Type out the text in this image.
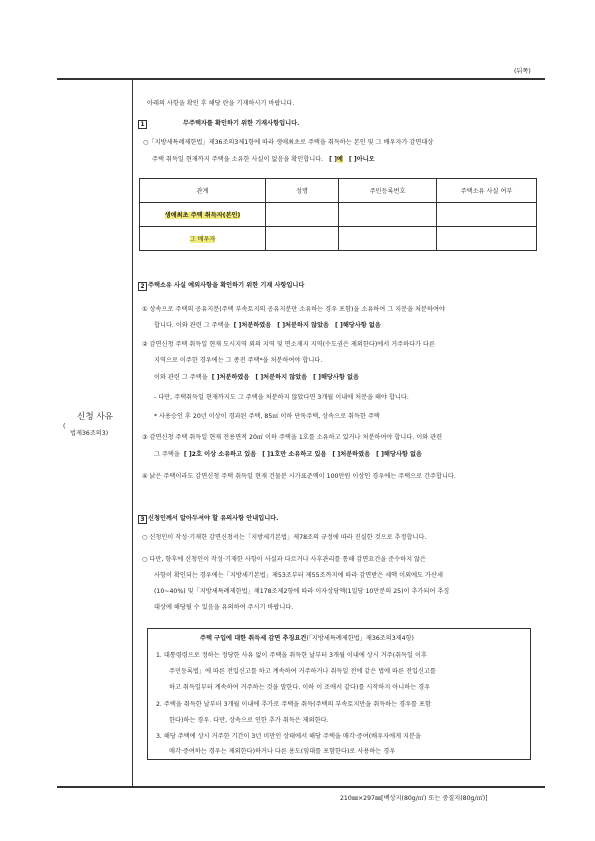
(뒤쪽)
신청 사유
(
법제36조의3)
아래의 사항을 확인 후 해당 란을 기재하시기 바랍니다.
1	무주택자를 확인하기 위한 기재사항입니다.
○「지방세특례제한법」제36조의3제1항에 따라 생애최초로 주택을 취득하는 본인 및 그 배우자가 감면대상
주택 취득일 현재까지 주택을 소유한 사실이 없음을 확인합니다. [ ]예 [ ]아니오
관계	성명	주민등록번호	주택소유 사실 여부
생애최초 주택 취득자(본인)			
그 배우자			
2 주택소유 사실 예외사항을 확인하기 위한 기재 사항입니다
① 상속으로 주택의 공유지분(주택 부속토지의 공유지분만 소유하는 경우 포함)을 소유하여 그 지분을 처분하여야
합니다. 이와 관련 그 주택을 [ ]처분하였음 [ ]처분하지 않았음 [ ]해당사항 없음
② 감면신청 주택 취득일 현재 도시지역 외의 지역 및 면소재지 지역(수도권은 제외한다)에서 거주하다가 다른
지역으로 이주한 경우에는 그 종전 주택*을 처분하여야 합니다.
이와 관련 그 주택을 [ ]처분하였음 [ ]처분하지 않았음 [ ]해당사항 없음
- 다만, 주택취득일 현재까지도 그 주택을 처분하지 않았다면 3개월 이내에 처분을 해야 합니다.
* 사용승인 후 20년 이상이 경과된 주택, 85㎡ 이하 단독주택, 상속으로 취득한 주택
③ 감면신청 주택 취득일 현재 전용면적 20㎡ 이하 주택을 1호를 소유하고 있거나 처분하여야 합니다. 이와 관련
그 주택을 [ ]2호 이상 소유하고 있음 [ ]1호만 소유하고 있음 [ ]처분하였음 [ ]해당사항 없음
④ 낡은 주택이라도 감면신청 주택 취득일 현재 건물분 시가표준액이 100만원 이상인 경우에는 주택으로 간주합니다.
3 신청인께서 알아두셔야 할 유의사항 안내입니다.
○ 신청인이 작성·기재한 감면신청서는「지방세기본법」제78조의 규정에 따라 진실한 것으로 추정합니다.
○ 다만, 향후에 신청인이 작성·기재한 사항이 사실과 다르거나 사후관리를 통해 감면요건을 준수하지 않은
사항이 확인되는 경우에는「지방세기본법」제53조부터 제55조까지에 따라 감면받은 세액 이외에도 가산세
(10~40%) 및「지방세특례제한법」제178조제2항에 따라 이자상당액(1일당 10만분의 25)이 추가되어 추징
대상에 해당될 수 있음을 유의하여 주시기 바랍니다.
주택 구입에 대한 취득세 감면 추징요건(「지방세특례제한법」제36조의3제4항)
1. 대통령령으로 정하는 정당한 사유 없이 주택을 취득한 날부터 3개월 이내에 상시 거주(취득일 이후
주민등록법」에 따른 전입신고를 하고 계속하여 거주하거나 취득일 전에 같은 법에 따른 전입신고를
하고 취득일부터 계속하여 거주하는 것을 말한다. 이하 이 조에서 같다)를 시작하지 아니하는 경우
2. 주택을 취득한 날부터 3개월 이내에 추가로 주택을 취득(주택의 부속토지만을 취득하는 경우를 포함
한다)하는 경우. 다만, 상속으로 인한 추가 취득은 제외한다.
3. 해당 주택에 상시 거주한 기간이 3년 미만인 상태에서 해당 주택을 매각·증여(배우자에게 지분을
매각·증여하는 경우는 제외한다)하거나 다른 용도(임대를 포함한다)로 사용하는 경우
210㎜×297㎜[백상지(80g/㎡) 또는 중질지(80g/㎡)]
